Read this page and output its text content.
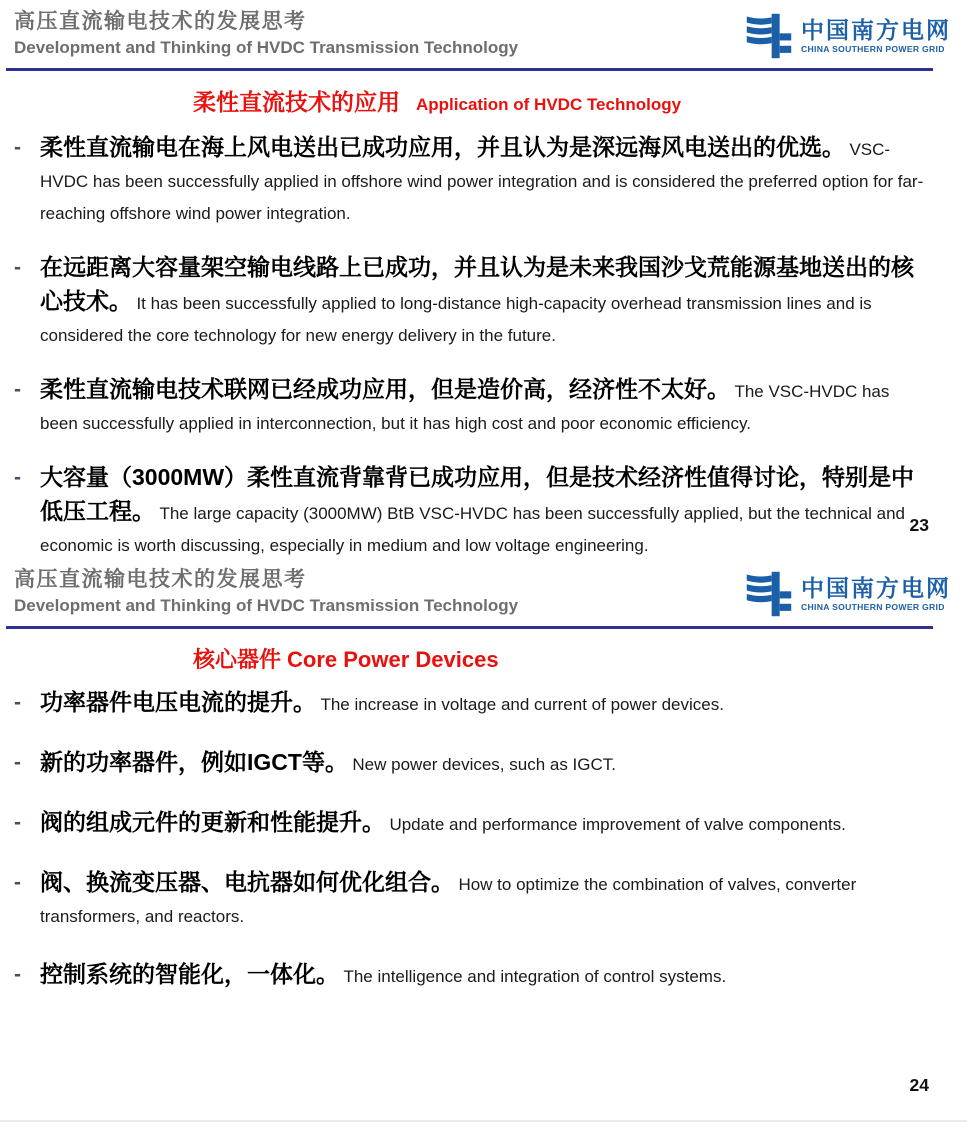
高压直流输电技术的发展思考
Development and Thinking of HVDC Transmission Technology
中国南方电网
CHINA SOUTHERN POWER GRID
柔性直流技术的应用 Application of HVDC Technology
- 柔性直流输电在海上风电送出已成功应用，并且认为是深远海风电送出的优选。 VSC-HVDC has been successfully applied in offshore wind power integration and is considered the preferred option for far-reaching offshore wind power integration.

- 在远距离大容量架空输电线路上已成功，并且认为是未来我国沙戈荒能源基地送出的核心技术。 It has been successfully applied to long-distance high-capacity overhead transmission lines and is considered the core technology for new energy delivery in the future.

- 柔性直流输电技术联网已经成功应用，但是造价高，经济性不太好。 The VSC-HVDC has been successfully applied in interconnection, but it has high cost and poor economic efficiency.

- 大容量（3000MW）柔性直流背靠背已成功应用，但是技术经济性值得讨论，特别是中低压工程。 The large capacity (3000MW) BtB VSC-HVDC has been successfully applied, but the technical and economic is worth discussing, especially in medium and low voltage engineering.

23
高压直流输电技术的发展思考
Development and Thinking of HVDC Transmission Technology
中国南方电网
CHINA SOUTHERN POWER GRID
核心器件 Core Power Devices
- 功率器件电压电流的提升。 The increase in voltage and current of power devices.

- 新的功率器件，例如IGCT等。 New power devices, such as IGCT.

- 阀的组成元件的更新和性能提升。 Update and performance improvement of valve components.

- 阀、换流变压器、电抗器如何优化组合。 How to optimize the combination of valves, converter transformers, and reactors.

- 控制系统的智能化，一体化。 The intelligence and integration of control systems.

24
